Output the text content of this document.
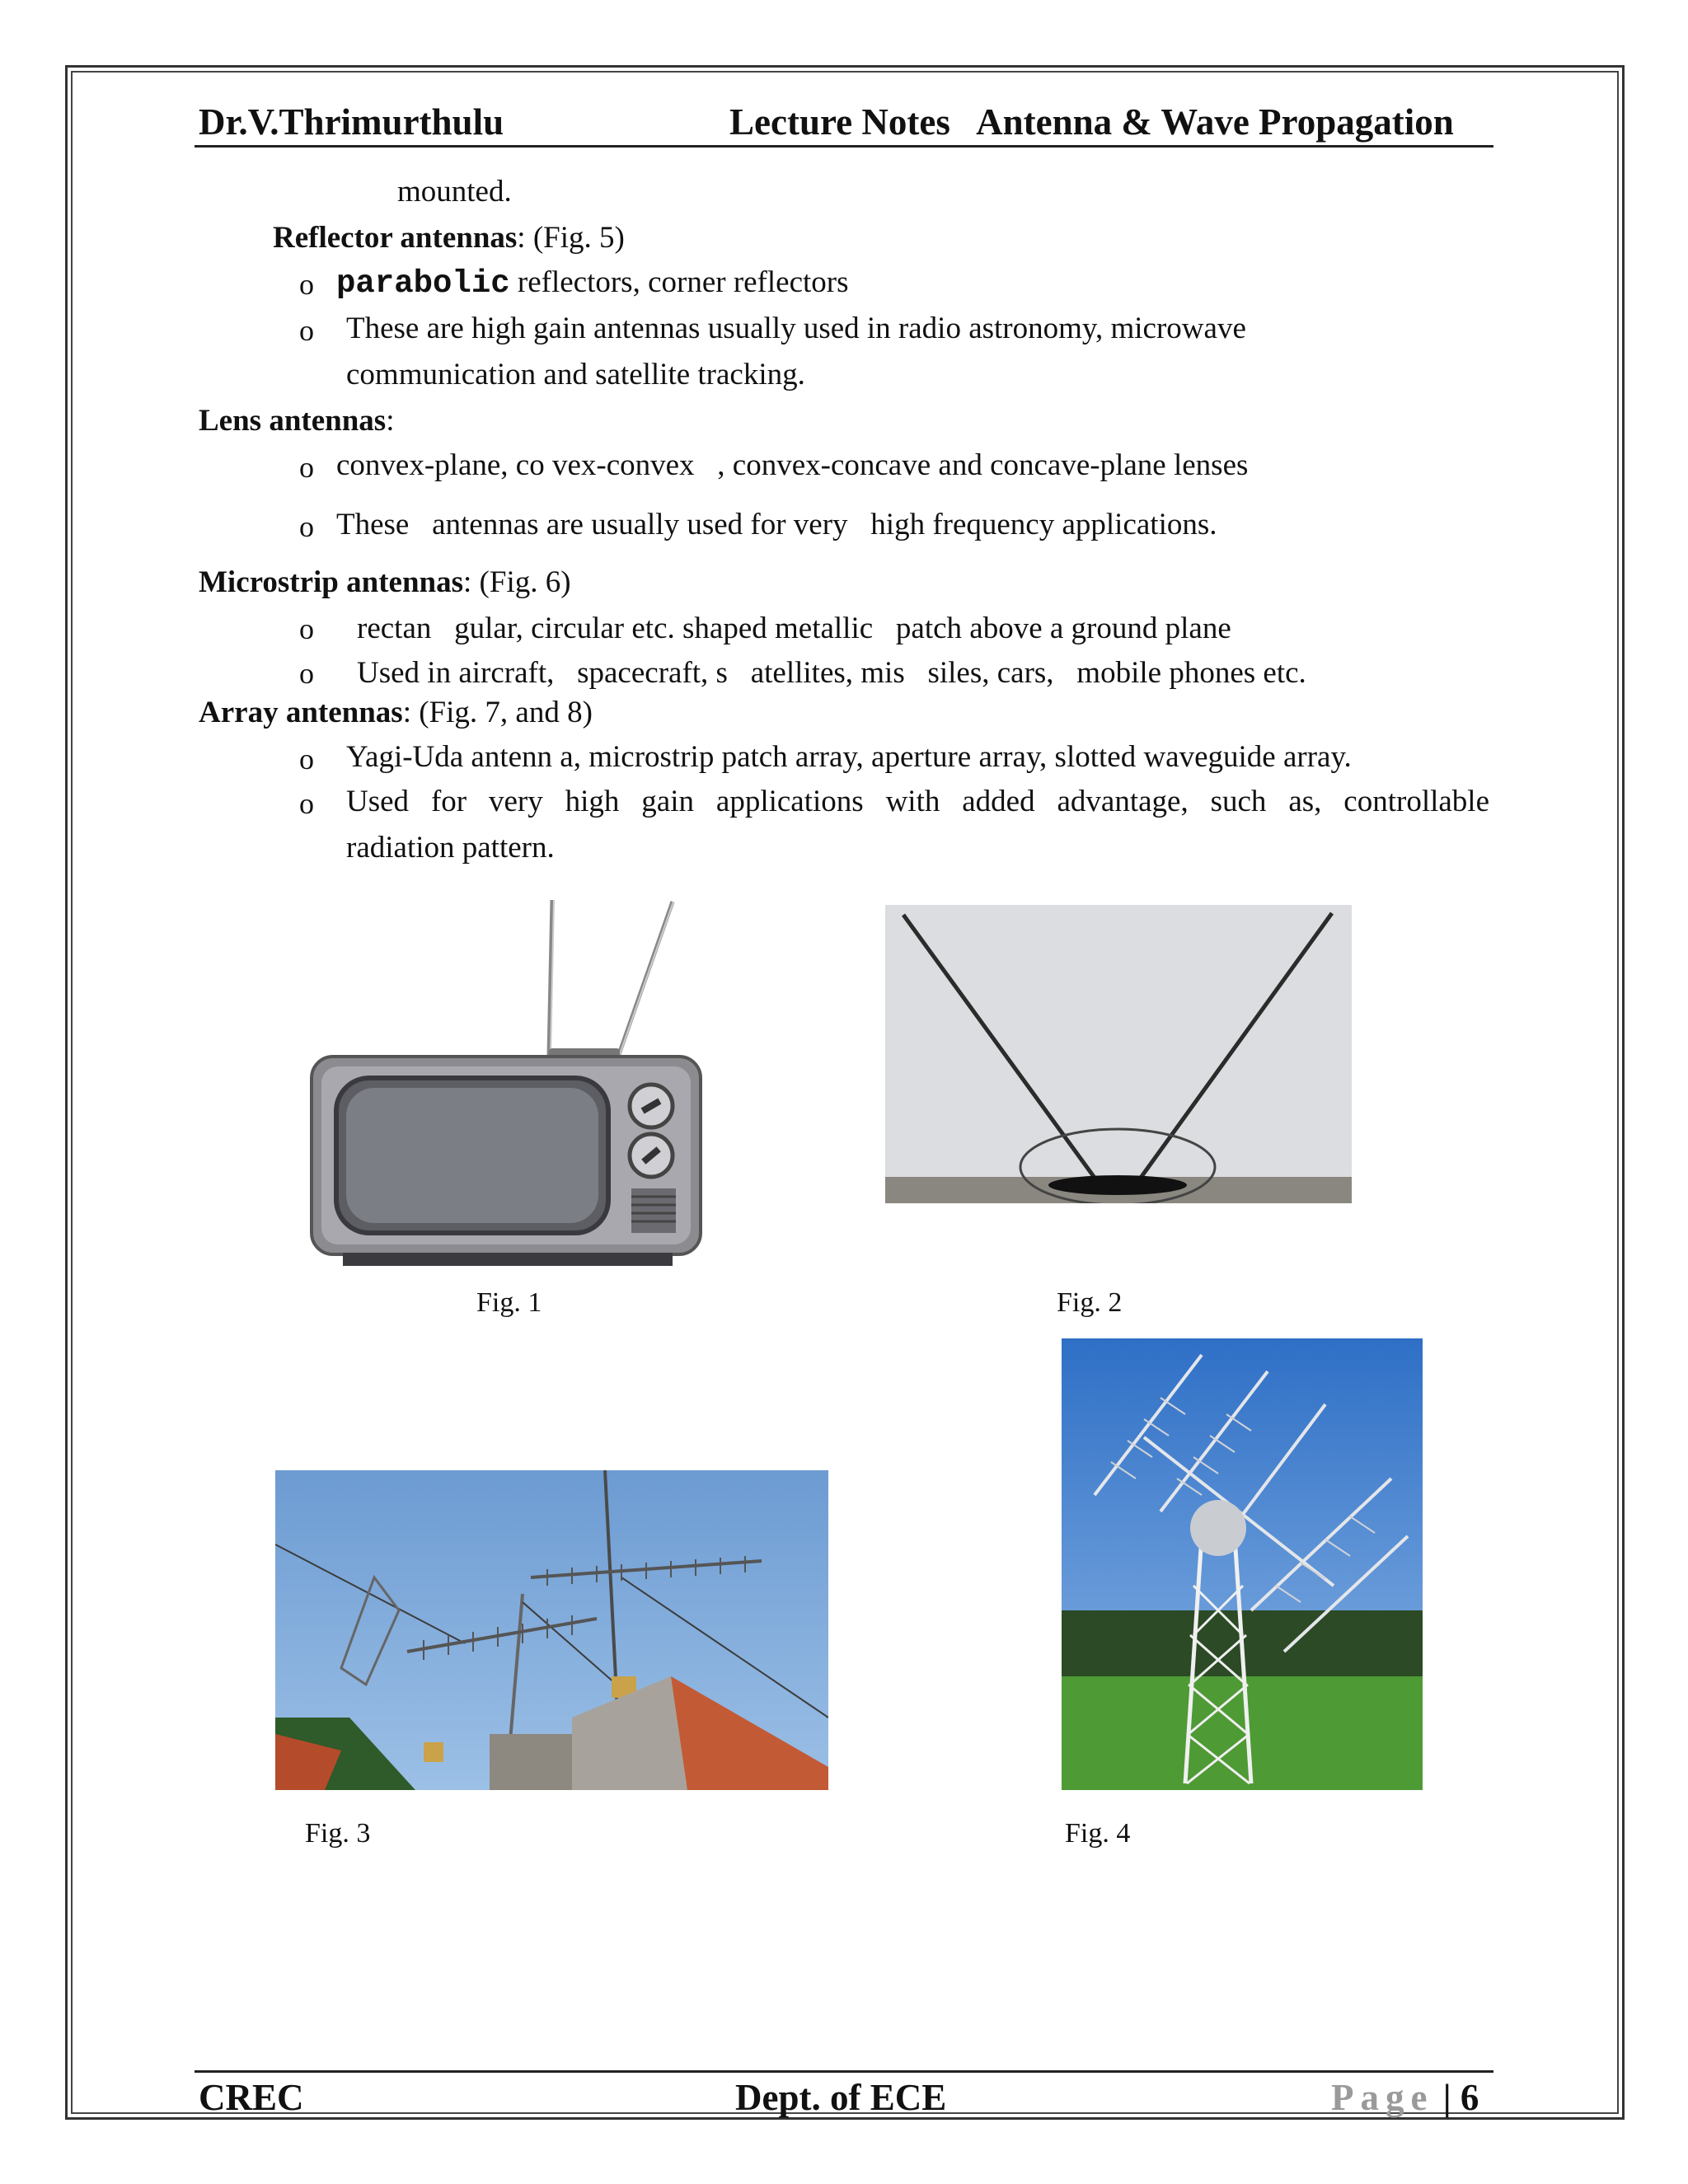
Dr.V.Thrimurthulu	Lecture Notes   Antenna & Wave Propagation
mounted.
Reflector antennas: (Fig. 5)
o parabolic reflectors, corner reflectors
o These are high gain antennas usually used in radio astronomy, microwave
communication and satellite tracking.
Lens antennas:
o convex-plane, co vex-convex   , convex-concave and concave-plane lenses
o These   antennas are usually used for very   high frequency applications.
Microstrip antennas: (Fig. 6)
o rectan   gular, circular etc. shaped metallic   patch above a ground plane
o Used in aircraft,   spacecraft, s   atellites, mis   siles, cars,   mobile phones etc.
Array antennas: (Fig. 7, and 8)
o Yagi-Uda antenn a, microstrip patch array, aperture array, slotted waveguide array.
o Used for very high gain applications with added advantage, such as, controllable
radiation pattern.
Fig. 1	Fig. 2
Fig. 3	Fig. 4
CREC	Dept. of ECE	Page | 6
